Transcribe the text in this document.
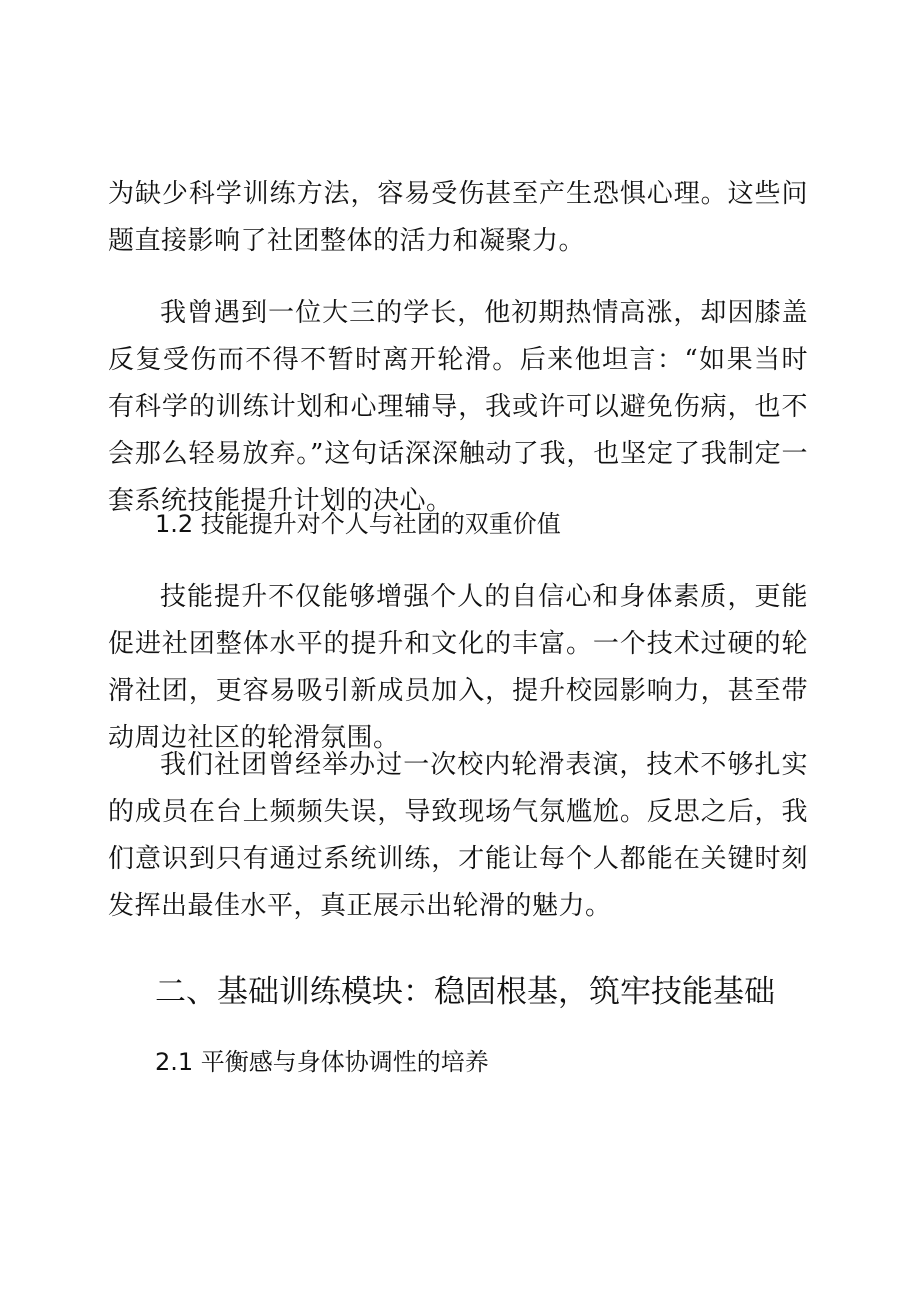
为缺少科学训练方法，容易受伤甚至产生恐惧心理。这些问题直接影响了社团整体的活力和凝聚力。

我曾遇到一位大三的学长，他初期热情高涨，却因膝盖反复受伤而不得不暂时离开轮滑。后来他坦言：“如果当时有科学的训练计划和心理辅导，我或许可以避免伤病，也不会那么轻易放弃。”这句话深深触动了我，也坚定了我制定一套系统技能提升计划的决心。

1.2 技能提升对个人与社团的双重价值

技能提升不仅能够增强个人的自信心和身体素质，更能促进社团整体水平的提升和文化的丰富。一个技术过硬的轮滑社团，更容易吸引新成员加入，提升校园影响力，甚至带动周边社区的轮滑氛围。

我们社团曾经举办过一次校内轮滑表演，技术不够扎实的成员在台上频频失误，导致现场气氛尴尬。反思之后，我们意识到只有通过系统训练，才能让每个人都能在关键时刻发挥出最佳水平，真正展示出轮滑的魅力。

二、基础训练模块：稳固根基，筑牢技能基础
2.1 平衡感与身体协调性的培养
